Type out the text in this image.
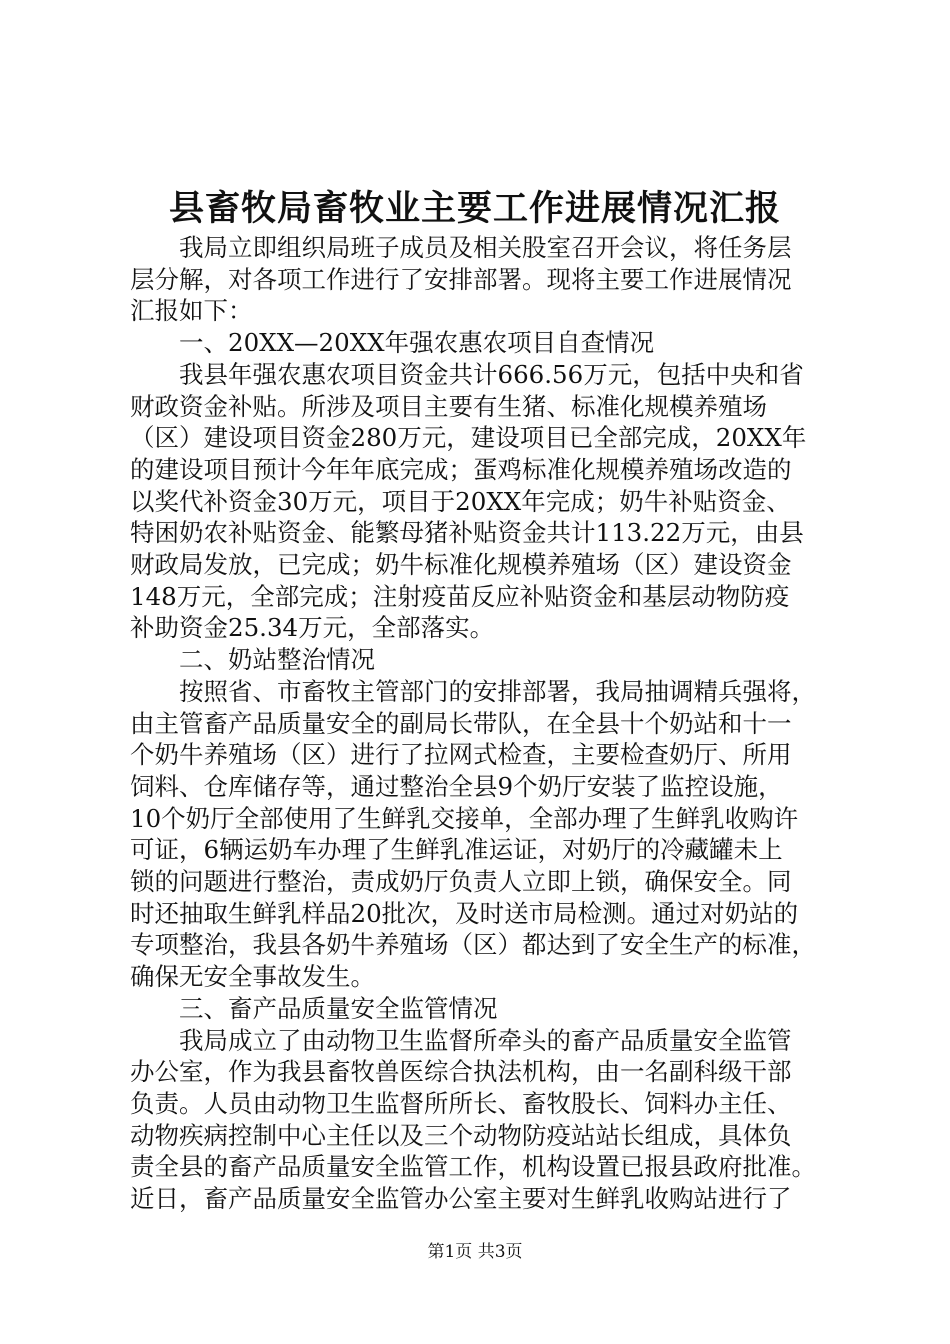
县畜牧局畜牧业主要工作进展情况汇报
我局立即组织局班子成员及相关股室召开会议，将任务层
层分解，对各项工作进行了安排部署。现将主要工作进展情况
汇报如下：
一、20XX—20XX年强农惠农项目自查情况
我县年强农惠农项目资金共计666.56万元，包括中央和省
财政资金补贴。所涉及项目主要有生猪、标准化规模养殖场
（区）建设项目资金280万元，建设项目已全部完成，20XX年
的建设项目预计今年年底完成；蛋鸡标准化规模养殖场改造的
以奖代补资金30万元，项目于20XX年完成；奶牛补贴资金、
特困奶农补贴资金、能繁母猪补贴资金共计113.22万元，由县
财政局发放，已完成；奶牛标准化规模养殖场（区）建设资金
148万元，全部完成；注射疫苗反应补贴资金和基层动物防疫
补助资金25.34万元，全部落实。
二、奶站整治情况
按照省、市畜牧主管部门的安排部署，我局抽调精兵强将，
由主管畜产品质量安全的副局长带队，在全县十个奶站和十一
个奶牛养殖场（区）进行了拉网式检查，主要检查奶厅、所用
饲料、仓库储存等，通过整治全县9个奶厅安装了监控设施，
10个奶厅全部使用了生鲜乳交接单，全部办理了生鲜乳收购许
可证，6辆运奶车办理了生鲜乳准运证，对奶厅的冷藏罐未上
锁的问题进行整治，责成奶厅负责人立即上锁，确保安全。同
时还抽取生鲜乳样品20批次，及时送市局检测。通过对奶站的
专项整治，我县各奶牛养殖场（区）都达到了安全生产的标准，
确保无安全事故发生。
三、畜产品质量安全监管情况
我局成立了由动物卫生监督所牵头的畜产品质量安全监管
办公室，作为我县畜牧兽医综合执法机构，由一名副科级干部
负责。人员由动物卫生监督所所长、畜牧股长、饲料办主任、
动物疾病控制中心主任以及三个动物防疫站站长组成，具体负
责全县的畜产品质量安全监管工作，机构设置已报县政府批准。
近日，畜产品质量安全监管办公室主要对生鲜乳收购站进行了
第1页 共3页
